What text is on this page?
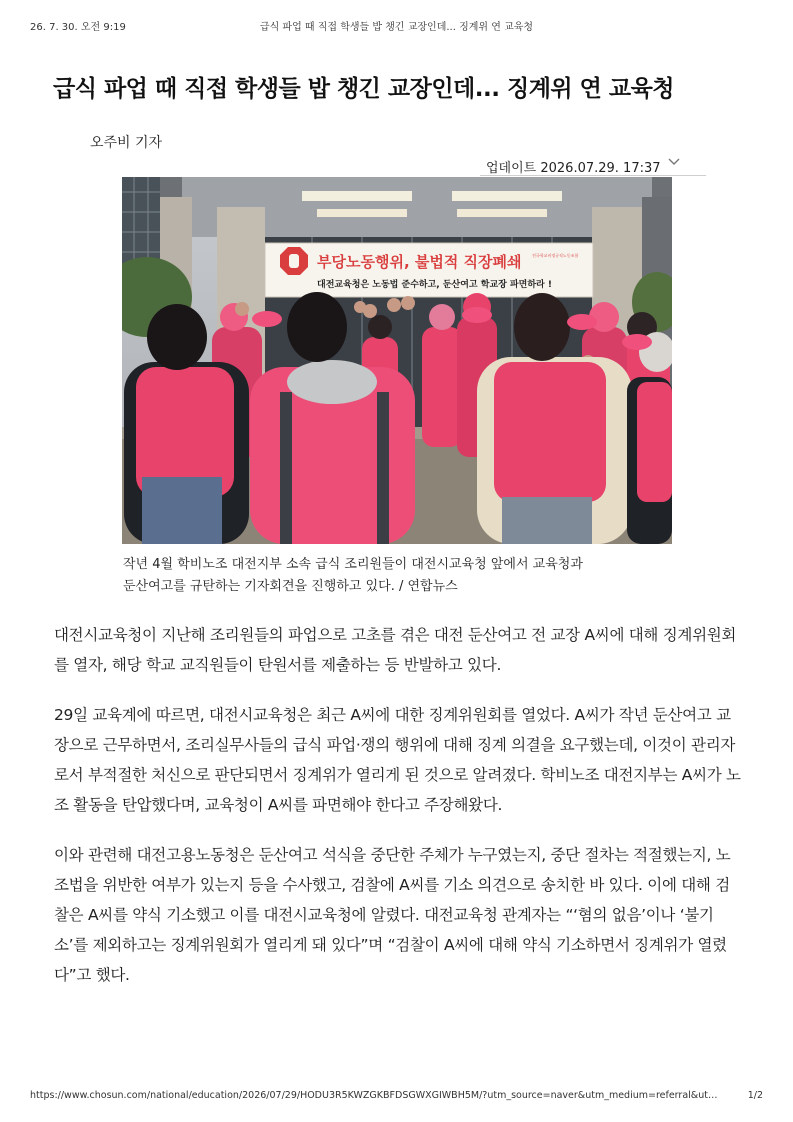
26. 7. 30. 오전 9:19	급식 파업 때 직접 학생들 밥 챙긴 교장인데... 징계위 연 교육청
급식 파업 때 직접 학생들 밥 챙긴 교장인데... 징계위 연 교육청
오주비 기자
업데이트 2026.07.29. 17:37
부당노동행위, 불법적 직장폐쇄
대전교육청은 노동법 준수하고, 둔산여고 학교장 파면하라 !
전국학교비정규직노동조합
작년 4월 학비노조 대전지부 소속 급식 조리원들이 대전시교육청 앞에서 교육청과
둔산여고를 규탄하는 기자회견을 진행하고 있다. / 연합뉴스

대전시교육청이 지난해 조리원들의 파업으로 고초를 겪은 대전 둔산여고 전 교장 A씨에 대해 징계위원회를 열자, 해당 학교 교직원들이 탄원서를 제출하는 등 반발하고 있다.

29일 교육계에 따르면, 대전시교육청은 최근 A씨에 대한 징계위원회를 열었다. A씨가 작년 둔산여고 교장으로 근무하면서, 조리실무사들의 급식 파업·쟁의 행위에 대해 징계 의결을 요구했는데, 이것이 관리자로서 부적절한 처신으로 판단되면서 징계위가 열리게 된 것으로 알려졌다. 학비노조 대전지부는 A씨가 노조 활동을 탄압했다며, 교육청이 A씨를 파면해야 한다고 주장해왔다.

이와 관련해 대전고용노동청은 둔산여고 석식을 중단한 주체가 누구였는지, 중단 절차는 적절했는지, 노조법을 위반한 여부가 있는지 등을 수사했고, 검찰에 A씨를 기소 의견으로 송치한 바 있다. 이에 대해 검찰은 A씨를 약식 기소했고 이를 대전시교육청에 알렸다. 대전교육청 관계자는 “‘혐의 없음’이나 ‘불기소’를 제외하고는 징계위원회가 열리게 돼 있다”며 “검찰이 A씨에 대해 약식 기소하면서 징계위가 열렸다”고 했다.

https://www.chosun.com/national/education/2026/07/29/HODU3R5KWZGKBFDSGWXGIWBH5M/?utm_source=naver&utm_medium=referral&ut…	1/2
